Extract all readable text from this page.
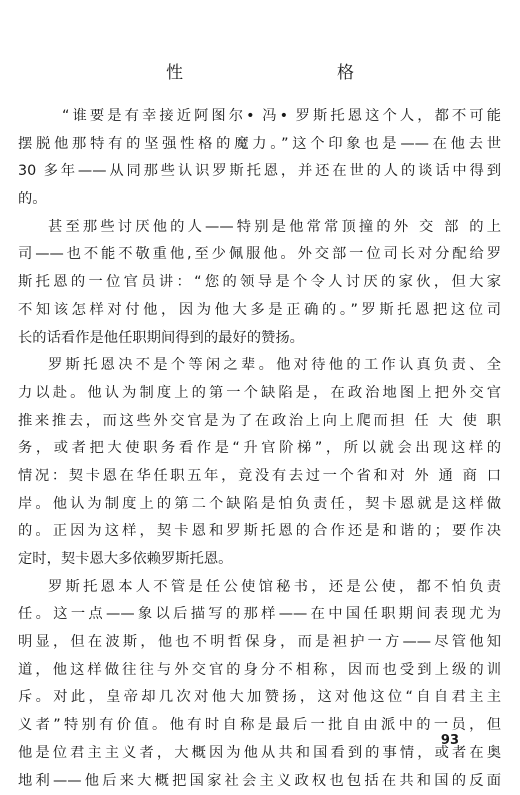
性　　格
“谁要是有幸接近阿图尔• 冯• 罗斯托恩这个人，都不可能
摆脱他那特有的坚强性格的魔力。”这个印象也是——在他去世
30 多年——从同那些认识罗斯托恩，并还在世的人的谈话中得到
的。
甚至那些讨厌他的人——特别是他常常顶撞的外 交 部 的上
司——也不能不敬重他,至少佩服他。外交部一位司长对分配给罗
斯托恩的一位官员讲：“您的领导是个令人讨厌的家伙，但大家
不知该怎样对付他，因为他大多是正确的。”罗斯托恩把这位司
长的话看作是他任职期间得到的最好的赞扬。
罗斯托恩决不是个等闲之辈。他对待他的工作认真负责、全
力以赴。他认为制度上的第一个缺陷是，在政治地图上把外交官
推来推去，而这些外交官是为了在政治上向上爬而担 任 大 使 职
务，或者把大使职务看作是“升官阶梯”，所以就会出现这样的
情况：契卡恩在华任职五年，竟没有去过一个省和对 外 通 商 口
岸。他认为制度上的第二个缺陷是怕负责任，契卡恩就是这样做
的。正因为这样，契卡恩和罗斯托恩的合作还是和谐的；要作决
定时，契卡恩大多依赖罗斯托恩。
罗斯托恩本人不管是任公使馆秘书，还是公使，都不怕负责
任。这一点——象以后描写的那样——在中国任职期间表现尤为
明显，但在波斯，他也不明哲保身，而是袒护一方——尽管他知
道，他这样做往往与外交官的身分不相称，因而也受到上级的训
斥。对此，皇帝却几次对他大加赞扬，这对他这位“自自君主主
义者”特别有价值。他有时自称是最后一批自由派中的一员，但
他是位君主主义者，大概因为他从共和国看到的事情，或者在奥
地利——他后来大概把国家社会主义政权也包括在共和国的反面
93
